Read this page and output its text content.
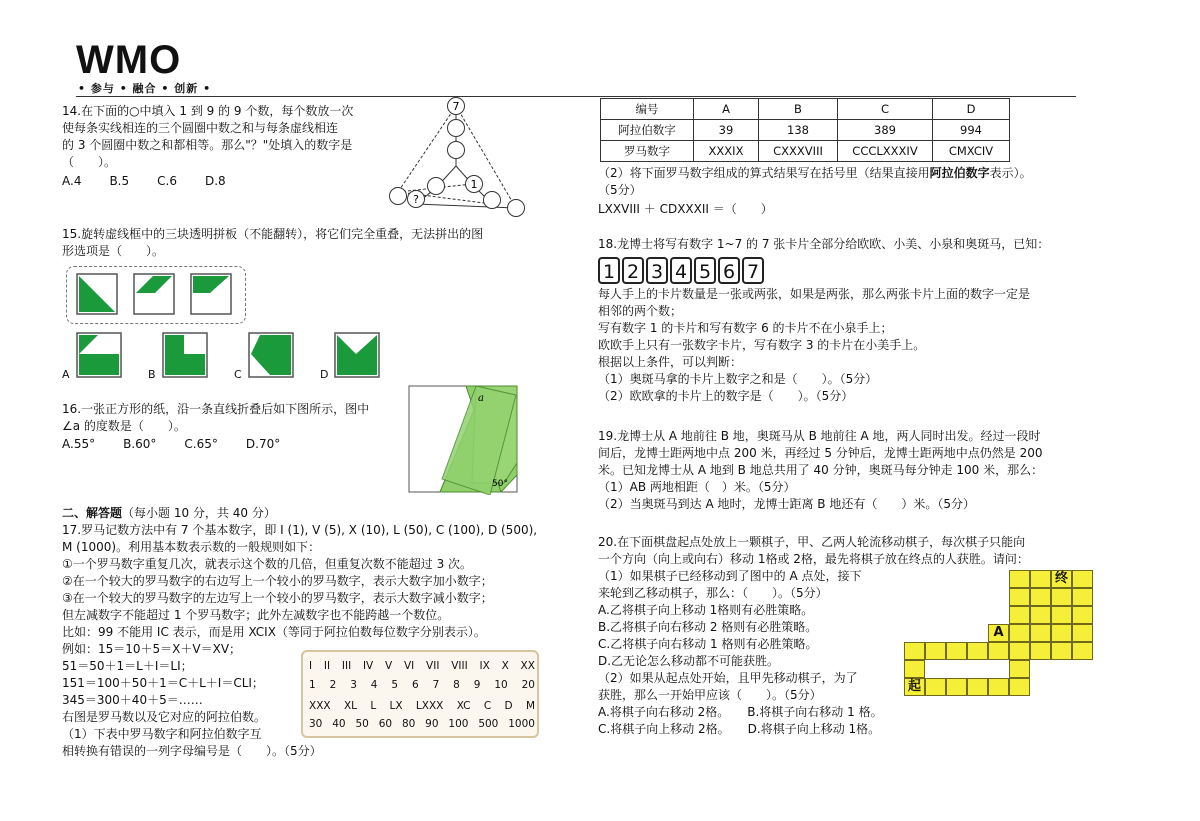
WMO
• 参与 • 融合 • 创新 •
14.在下面的○中填入 1 到 9 的 9 个数，每个数放一次
使每条实线相连的三个圆圈中数之和与每条虚线相连
的 3 个圆圈中数之和都相等。那么"？"处填入的数字是
（　　）。
A.4 B.5 C.6 D.8
7
1
?
15.旋转虚线框中的三块透明拼板（不能翻转），将它们完全重叠，无法拼出的图
形选项是（　　）。
A	B	C	D
16.一张正方形的纸，沿一条直线折叠后如下图所示，图中
∠a 的度数是（　　）。
A.55° B.60° C.65° D.70°
a
50°
二、解答题（每小题 10 分，共 40 分）
17.罗马记数方法中有 7 个基本数字，即 I (1), V (5), X (10), L (50), C (100), D (500),
M (1000)。利用基本数表示数的一般规则如下：
①一个罗马数字重复几次，就表示这个数的几倍，但重复次数不能超过 3 次。
②在一个较大的罗马数字的右边写上一个较小的罗马数字，表示大数字加小数字；
③在一个较大的罗马数字的左边写上一个较小的罗马数字，表示大数字减小数字；
但左减数字不能超过 1 个罗马数字；此外左减数字也不能跨越一个数位。
比如：99 不能用 IC 表示，而是用 XCIX（等同于阿拉伯数每位数字分别表示）。
例如：15＝10＋5＝X＋V＝XV；
51＝50＋1＝L＋I＝LI；
151＝100＋50＋1＝C＋L＋I＝CLI；
345＝300＋40＋5＝……
右图是罗马数以及它对应的阿拉伯数。
（1）下表中罗马数字和阿拉伯数字互
相转换有错误的一列字母编号是（　　）。（5分）
I II III IV V VI VII VIII IX X XX
1 2 3 4 5 6 7 8 9 10 20
XXX XL L LX LXXX XC C D M
30 40 50 60 80 90 100 500 1000
编号	A	B	C	D
阿拉伯数字	39	138	389	994
罗马数字	XXXIX	CXXXVIII	CCCLXXXIV	CMXCIV
（2）将下面罗马数字组成的算式结果写在括号里（结果直接用阿拉伯数字表示）。
（5分）
LXXVIII ＋ CDXXXII ＝（　　）
18.龙博士将写有数字 1~7 的 7 张卡片全部分给欧欧、小美、小泉和奥斑马，已知：
1 2 3 4 5 6 7
每人手上的卡片数量是一张或两张，如果是两张，那么两张卡片上面的数字一定是
相邻的两个数；
写有数字 1 的卡片和写有数字 6 的卡片不在小泉手上；
欧欧手上只有一张数字卡片，写有数字 3 的卡片在小美手上。
根据以上条件，可以判断：
（1）奥斑马拿的卡片上数字之和是（　　）。（5分）
（2）欧欧拿的卡片上的数字是（　　）。（5分）
19.龙博士从 A 地前往 B 地，奥斑马从 B 地前往 A 地，两人同时出发。经过一段时
间后，龙博士距两地中点 200 米，再经过 5 分钟后，龙博士距两地中点仍然是 200
米。已知龙博士从 A 地到 B 地总共用了 40 分钟，奥斑马每分钟走 100 米，那么：
（1）AB 两地相距（　）米。（5分）
（2）当奥斑马到达 A 地时，龙博士距离 B 地还有（　　）米。（5分）
20.在下面棋盘起点处放上一颗棋子，甲、乙两人轮流移动棋子，每次棋子只能向
一个方向（向上或向右）移动 1格或 2格，最先将棋子放在终点的人获胜。请问：
（1）如果棋子已经移动到了图中的 A 点处，接下
来轮到乙移动棋子，那么：（　　）。（5分）
A.乙将棋子向上移动 1格则有必胜策略。
B.乙将棋子向右移动 2 格则有必胜策略。
C.乙将棋子向右移动 1 格则有必胜策略。
D.乙无论怎么移动都不可能获胜。
（2）如果从起点处开始，且甲先移动棋子，为了
获胜，那么一开始甲应该（　　）。（5分）
A.将棋子向右移动 2格。　　B.将棋子向右移动 1 格。
C.将棋子向上移动 2格。　　D.将棋子向上移动 1格。
终
A
起
